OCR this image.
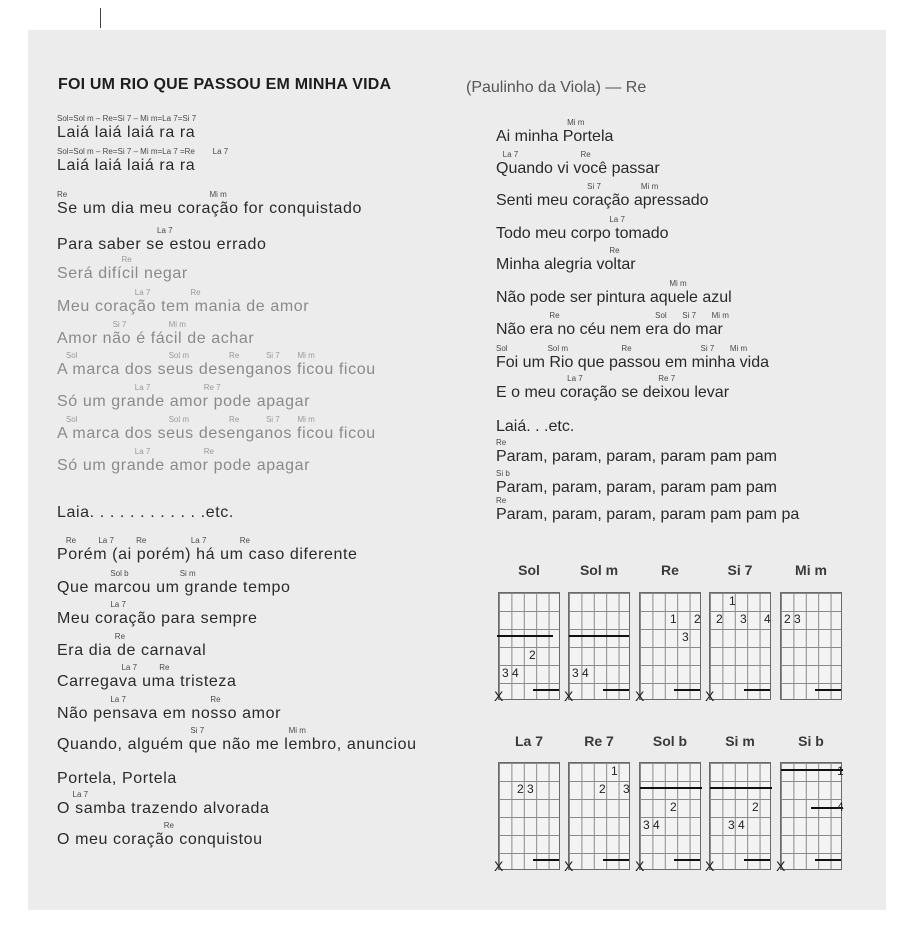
FOI UM RIO QUE PASSOU EM MINHA VIDA	(Paulinho da Viola) — Re
Sol=Sol m – Re=Si 7 – Mi m=La 7=Si 7
Laiá laiá laiá ra ra
Sol=Sol m – Re=Si 7 – Mi m=La 7 =Re        La 7
Laiá laiá laiá ra ra
Re                                                                Mi m
Se um dia meu coração for conquistado
La 7
Para saber se estou errado
Re
Será difícil negar
La 7                  Re
Meu coração tem mania de amor
Si 7                   Mi m
Amor não é fácil de achar
Sol                                         Sol m                  Re            Si 7        Mi m
A marca dos seus desenganos ficou ficou
La 7                        Re 7
Só um grande amor pode apagar
Sol                                         Sol m                  Re            Si 7        Mi m
A marca dos seus desenganos ficou ficou
La 7                        Re
Só um grande amor pode apagar
Laia. . . . . . . . . . . .etc.
Re          La 7          Re                    La 7               Re
Porém (ai porém) há um caso diferente
Sol b                       Si m
Que marcou um grande tempo
La 7
Meu coração para sempre
Re
Era dia de carnaval
La 7          Re
Carregava uma tristeza
La 7                                      Re
Não pensava em nosso amor
Si 7                                      Mi m
Quando, alguém que não me lembro, anunciou
Portela, Portela
La 7
O samba trazendo alvorada
Re
O meu coração conquistou
Mi m
Ai minha Portela
La 7                            Re
Quando vi você passar
Si 7                  Mi m
Senti meu coração apressado
La 7
Todo meu corpo tomado
Re
Minha alegria voltar
Mi m
Não pode ser pintura aquele azul
Re                                           Sol       Si 7       Mi m
Não era no céu nem era do mar
Sol                  Sol m                        Re                               Si 7       Mi m
Foi um Rio que passou em minha vida
La 7                                  Re 7
E o meu coração se deixou levar
Laiá. . .etc.
Re
Param, param, param, param pam pam
Si b
Param, param, param, param pam pam
Re
Param, param, param, param pam pam pa
Sol
2
3 4
X
Sol m
3 4
X
Re
1 2
3
X
Si 7
1
2 3 4
X
Mi m
2 3
La 7
2 3
X
Re 7
1
2 3
X
Sol b
2
3 4
X
Si m
2
3 4
X
Si b
1
4
X
